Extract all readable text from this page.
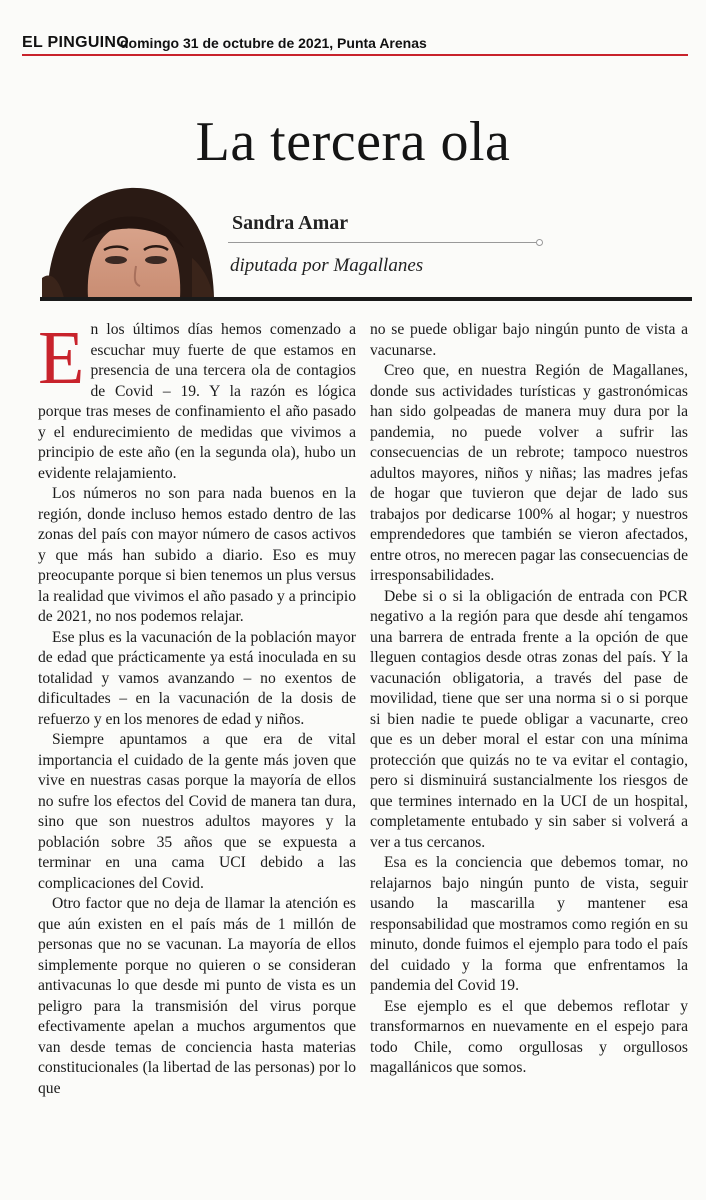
EL PINGUINO
domingo 31 de octubre de 2021, Punta Arenas
La tercera ola
Sandra Amar
diputada por Magallanes

En los últimos días hemos comenzado a escuchar muy fuerte de que estamos en presencia de una tercera ola de contagios de Covid – 19. Y la razón es lógica porque tras meses de confinamiento el año pasado y el endurecimiento de medidas que vivimos a principio de este año (en la segunda ola), hubo un evidente relajamiento.

Los números no son para nada buenos en la región, donde incluso hemos estado dentro de las zonas del país con mayor número de casos activos y que más han subido a diario. Eso es muy preocupante porque si bien tenemos un plus versus la realidad que vivimos el año pasado y a principio de 2021, no nos podemos relajar.

Ese plus es la vacunación de la población mayor de edad que prácticamente ya está inoculada en su totalidad y vamos avanzando – no exentos de dificultades – en la vacunación de la dosis de refuerzo y en los menores de edad y niños.

Siempre apuntamos a que era de vital importancia el cuidado de la gente más joven que vive en nuestras casas porque la mayoría de ellos no sufre los efectos del Covid de manera tan dura, sino que son nuestros adultos mayores y la población sobre 35 años que se expuesta a terminar en una cama UCI debido a las complicaciones del Covid.

Otro factor que no deja de llamar la atención es que aún existen en el país más de 1 millón de personas que no se vacunan. La mayoría de ellos simplemente porque no quieren o se consideran antivacunas lo que desde mi punto de vista es un peligro para la transmisión del virus porque efectivamente apelan a muchos argumentos que van desde temas de conciencia hasta materias constitucionales (la libertad de las personas) por lo que

no se puede obligar bajo ningún punto de vista a vacunarse.

Creo que, en nuestra Región de Magallanes, donde sus actividades turísticas y gastronómicas han sido golpeadas de manera muy dura por la pandemia, no puede volver a sufrir las consecuencias de un rebrote; tampoco nuestros adultos mayores, niños y niñas; las madres jefas de hogar que tuvieron que dejar de lado sus trabajos por dedicarse 100% al hogar; y nuestros emprendedores que también se vieron afectados, entre otros, no merecen pagar las consecuencias de irresponsabilidades.

Debe si o si la obligación de entrada con PCR negativo a la región para que desde ahí tengamos una barrera de entrada frente a la opción de que lleguen contagios desde otras zonas del país. Y la vacunación obligatoria, a través del pase de movilidad, tiene que ser una norma si o si porque si bien nadie te puede obligar a vacunarte, creo que es un deber moral el estar con una mínima protección que quizás no te va evitar el contagio, pero si disminuirá sustancialmente los riesgos de que termines internado en la UCI de un hospital, completamente entubado y sin saber si volverá a ver a tus cercanos.

Esa es la conciencia que debemos tomar, no relajarnos bajo ningún punto de vista, seguir usando la mascarilla y mantener esa responsabilidad que mostramos como región en su minuto, donde fuimos el ejemplo para todo el país del cuidado y la forma que enfrentamos la pandemia del Covid 19.

Ese ejemplo es el que debemos reflotar y transformarnos en nuevamente en el espejo para todo Chile, como orgullosas y orgullosos magallánicos que somos.
